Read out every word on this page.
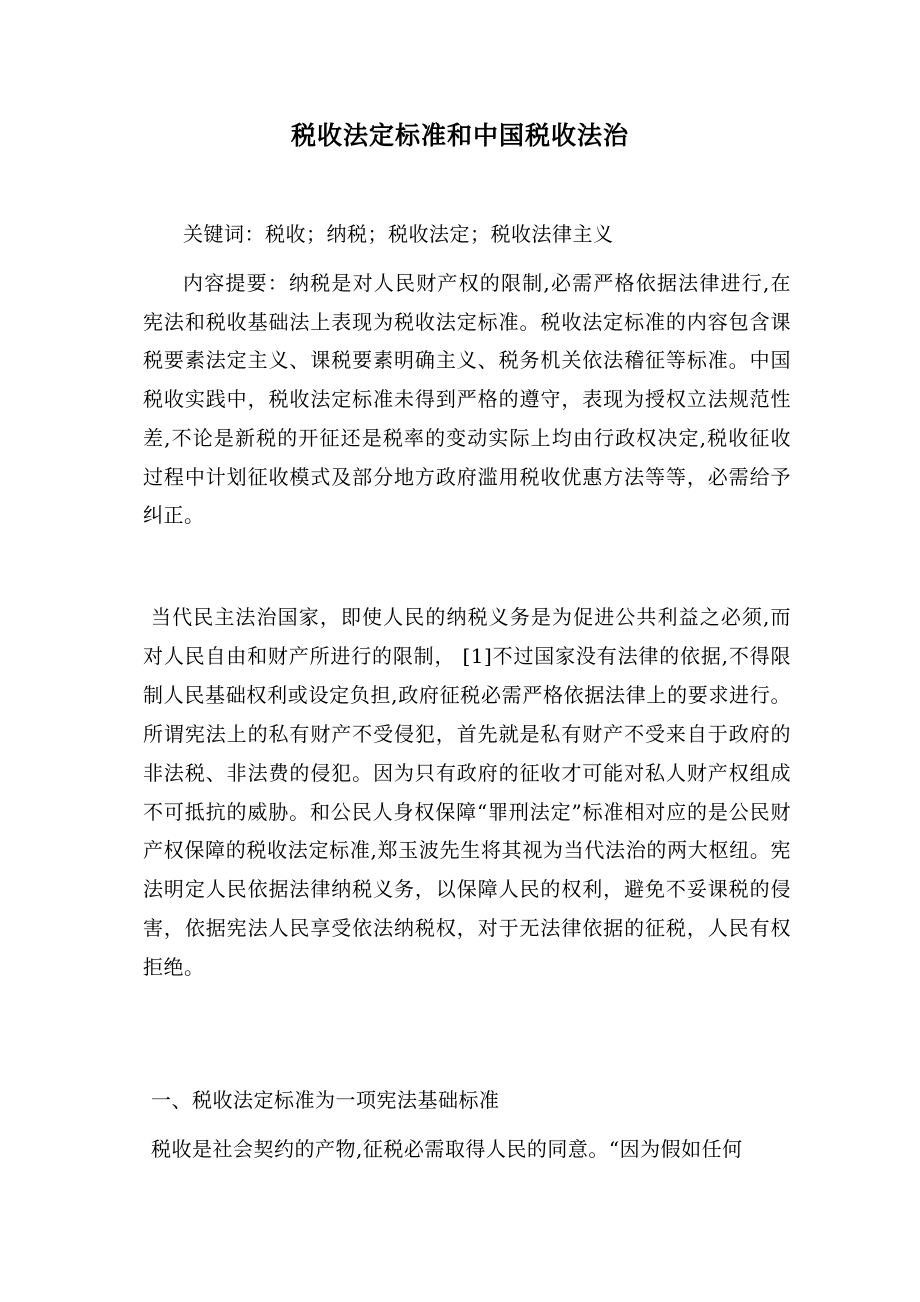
税收法定标准和中国税收法治
关键词：税收；纳税；税收法定；税收法律主义
内容提要：纳税是对人民财产权的限制,必需严格依据法律进行,在宪法和税收基础法上表现为税收法定标准。税收法定标准的内容包含课税要素法定主义、课税要素明确主义、税务机关依法稽征等标准。中国税收实践中，税收法定标准未得到严格的遵守，表现为授权立法规范性差,不论是新税的开征还是税率的变动实际上均由行政权决定,税收征收过程中计划征收模式及部分地方政府滥用税收优惠方法等等，必需给予纠正。
当代民主法治国家，即使人民的纳税义务是为促进公共利益之必须,而对人民自由和财产所进行的限制， [1]不过国家没有法律的依据,不得限制人民基础权利或设定负担,政府征税必需严格依据法律上的要求进行。所谓宪法上的私有财产不受侵犯，首先就是私有财产不受来自于政府的非法税、非法费的侵犯。因为只有政府的征收才可能对私人财产权组成不可抵抗的威胁。和公民人身权保障“罪刑法定”标准相对应的是公民财产权保障的税收法定标准,郑玉波先生将其视为当代法治的两大枢纽。宪法明定人民依据法律纳税义务，以保障人民的权利，避免不妥课税的侵害，依据宪法人民享受依法纳税权，对于无法律依据的征税，人民有权拒绝。
一、税收法定标准为一项宪法基础标准
税收是社会契约的产物,征税必需取得人民的同意。“因为假如任何
